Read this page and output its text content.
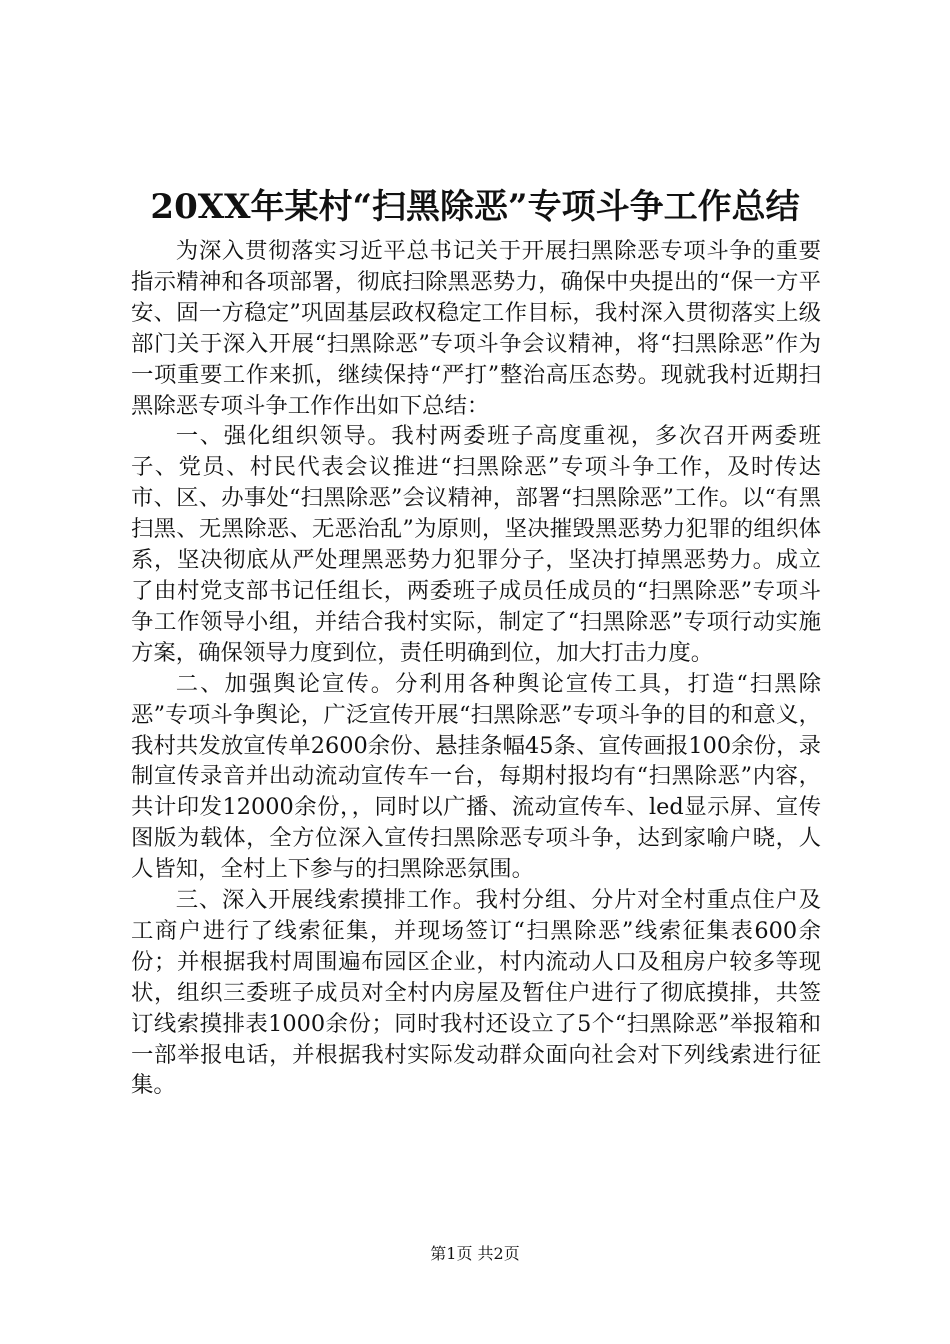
20XX年某村“扫黑除恶”专项斗争工作总结

为深入贯彻落实习近平总书记关于开展扫黑除恶专项斗争的重要指示精神和各项部署，彻底扫除黑恶势力，确保中央提出的“保一方平安、固一方稳定”巩固基层政权稳定工作目标，我村深入贯彻落实上级部门关于深入开展“扫黑除恶”专项斗争会议精神，将“扫黑除恶”作为一项重要工作来抓，继续保持“严打”整治高压态势。现就我村近期扫黑除恶专项斗争工作作出如下总结：

一、强化组织领导。我村两委班子高度重视，多次召开两委班子、党员、村民代表会议推进“扫黑除恶”专项斗争工作，及时传达市、区、办事处“扫黑除恶”会议精神，部署“扫黑除恶”工作。以“有黑扫黑、无黑除恶、无恶治乱”为原则，坚决摧毁黑恶势力犯罪的组织体系，坚决彻底从严处理黑恶势力犯罪分子，坚决打掉黑恶势力。成立了由村党支部书记任组长，两委班子成员任成员的“扫黑除恶”专项斗争工作领导小组，并结合我村实际，制定了“扫黑除恶”专项行动实施方案，确保领导力度到位，责任明确到位，加大打击力度。

二、加强舆论宣传。分利用各种舆论宣传工具，打造“扫黑除恶”专项斗争舆论，广泛宣传开展“扫黑除恶”专项斗争的目的和意义，我村共发放宣传单2600余份、悬挂条幅45条、宣传画报100余份，录制宣传录音并出动流动宣传车一台，每期村报均有“扫黑除恶”内容，共计印发12000余份，，同时以广播、流动宣传车、led显示屏、宣传图版为载体，全方位深入宣传扫黑除恶专项斗争，达到家喻户晓，人人皆知，全村上下参与的扫黑除恶氛围。

三、深入开展线索摸排工作。我村分组、分片对全村重点住户及工商户进行了线索征集，并现场签订“扫黑除恶”线索征集表600余份；并根据我村周围遍布园区企业，村内流动人口及租房户较多等现状，组织三委班子成员对全村内房屋及暂住户进行了彻底摸排，共签订线索摸排表1000余份；同时我村还设立了5个“扫黑除恶”举报箱和一部举报电话，并根据我村实际发动群众面向社会对下列线索进行征集。

第1页 共2页
